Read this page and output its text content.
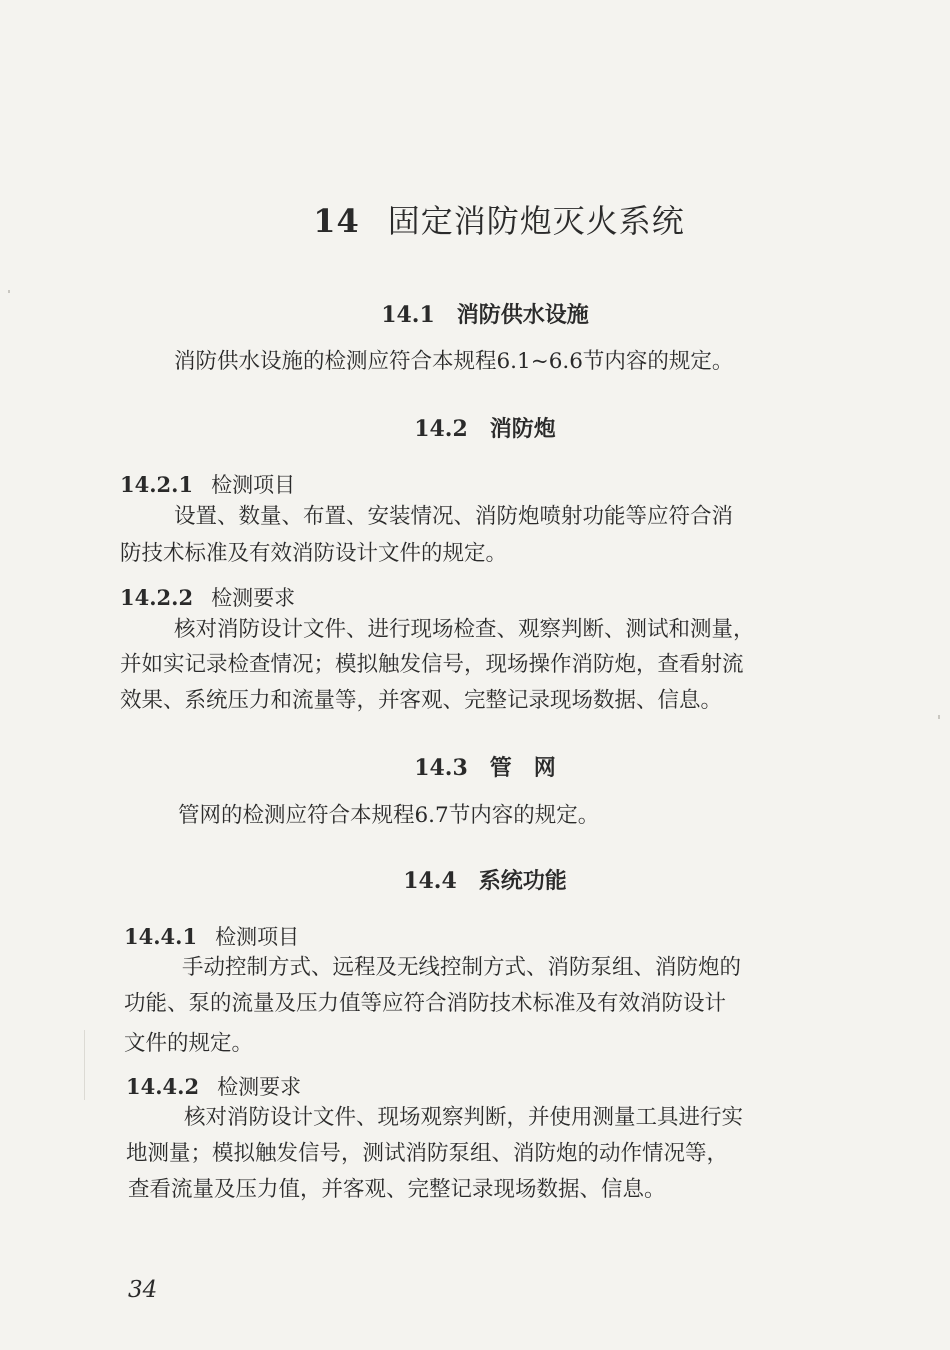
14 固定消防炮灭火系统
14.1 消防供水设施
消防供水设施的检测应符合本规程6.1~6.6节内容的规定。
14.2 消防炮
14.2.1 检测项目
设置、数量、布置、安装情况、消防炮喷射功能等应符合消
防技术标准及有效消防设计文件的规定。
14.2.2 检测要求
核对消防设计文件、进行现场检查、观察判断、测试和测量，
并如实记录检查情况；模拟触发信号，现场操作消防炮，查看射流
效果、系统压力和流量等，并客观、完整记录现场数据、信息。
14.3 管　网
管网的检测应符合本规程6.7节内容的规定。
14.4 系统功能
14.4.1 检测项目
手动控制方式、远程及无线控制方式、消防泵组、消防炮的
功能、泵的流量及压力值等应符合消防技术标准及有效消防设计
文件的规定。
14.4.2 检测要求
核对消防设计文件、现场观察判断，并使用测量工具进行实
地测量；模拟触发信号，测试消防泵组、消防炮的动作情况等，
查看流量及压力值，并客观、完整记录现场数据、信息。
34
